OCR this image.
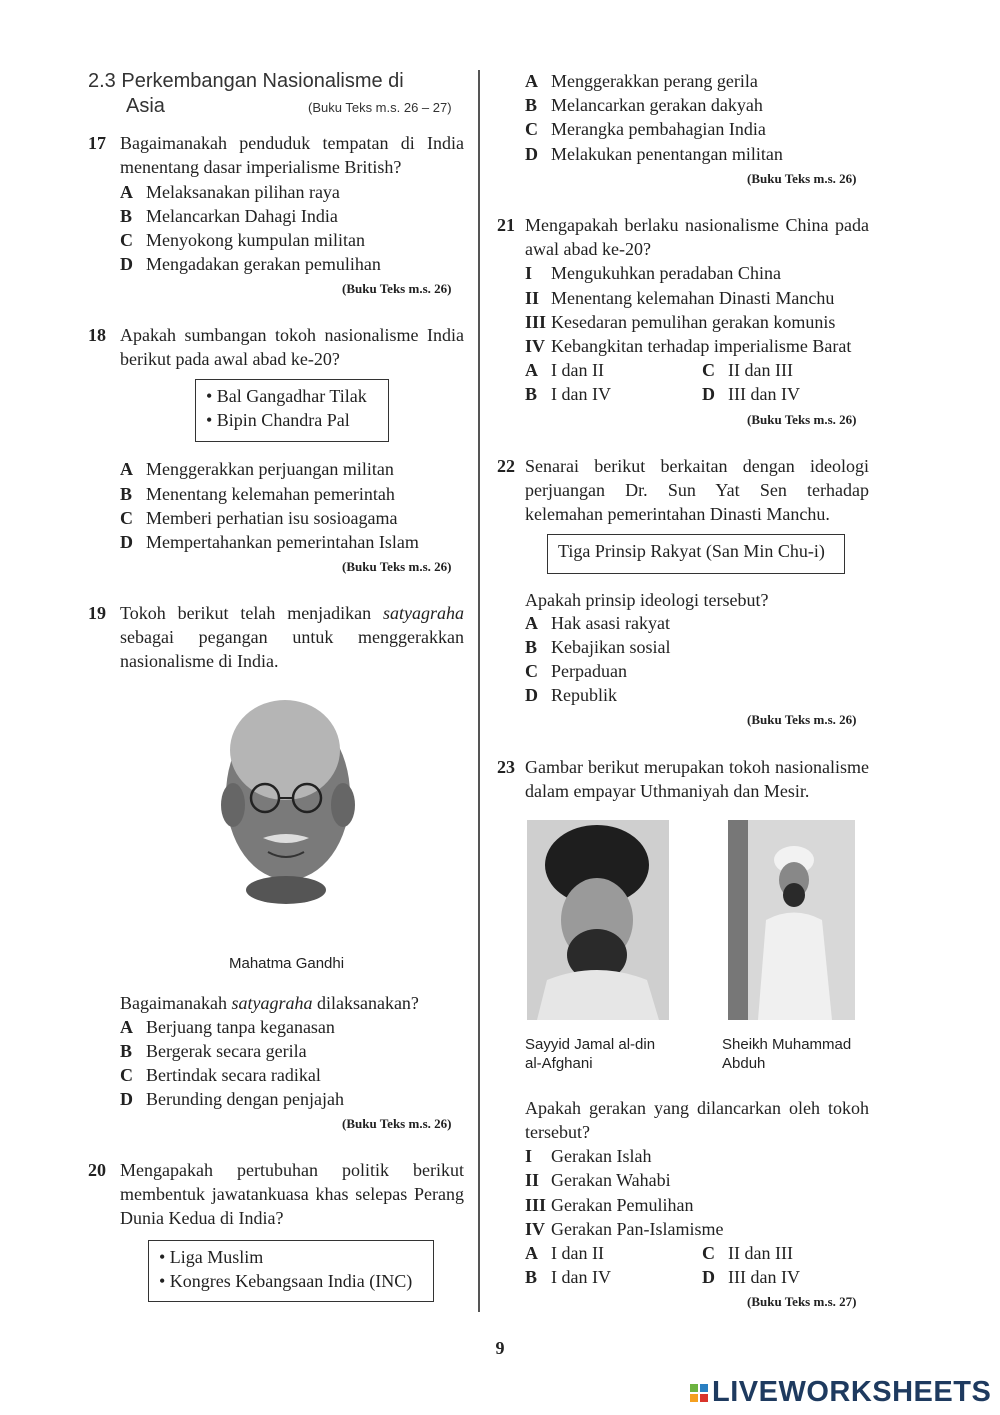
2.3 Perkembangan Nasionalisme di
Asia	(Buku Teks m.s. 26 – 27)
17 Bagaimanakah penduduk tempatan di India menentang dasar imperialisme British?
A Melaksanakan pilihan raya
B Melancarkan Dahagi India
C Menyokong kumpulan militan
D Mengadakan gerakan pemulihan
(Buku Teks m.s. 26)
18 Apakah sumbangan tokoh nasionalisme India berikut pada awal abad ke-20?
• Bal Gangadhar Tilak
• Bipin Chandra Pal
A Menggerakkan perjuangan militan
B Menentang kelemahan pemerintah
C Memberi perhatian isu sosioagama
D Mempertahankan pemerintahan Islam
(Buku Teks m.s. 26)
19 Tokoh berikut telah menjadikan satyagraha sebagai pegangan untuk menggerakkan nasionalisme di India.
Mahatma Gandhi
Bagaimanakah satyagraha dilaksanakan?
A Berjuang tanpa keganasan
B Bergerak secara gerila
C Bertindak secara radikal
D Berunding dengan penjajah
(Buku Teks m.s. 26)
20 Mengapakah pertubuhan politik berikut membentuk jawatankuasa khas selepas Perang Dunia Kedua di India?
• Liga Muslim
• Kongres Kebangsaan India (INC)
A Menggerakkan perang gerila
B Melancarkan gerakan dakyah
C Merangka pembahagian India
D Melakukan penentangan militan
(Buku Teks m.s. 26)
21 Mengapakah berlaku nasionalisme China pada awal abad ke-20?
I Mengukuhkan peradaban China
II Menentang kelemahan Dinasti Manchu
III Kesedaran pemulihan gerakan komunis
IV Kebangkitan terhadap imperialisme Barat
A I dan II
B I dan IV
C II dan III
D III dan IV
(Buku Teks m.s. 26)
22 Senarai berikut berkaitan dengan ideologi perjuangan Dr. Sun Yat Sen terhadap kelemahan pemerintahan Dinasti Manchu.
Tiga Prinsip Rakyat (San Min Chu-i)
Apakah prinsip ideologi tersebut?
A Hak asasi rakyat
B Kebajikan sosial
C Perpaduan
D Republik
(Buku Teks m.s. 26)
23 Gambar berikut merupakan tokoh nasionalisme dalam empayar Uthmaniyah dan Mesir.
Sayyid Jamal al-din
al-Afghani
Sheikh Muhammad
Abduh
Apakah gerakan yang dilancarkan oleh tokoh tersebut?
I Gerakan Islah
II Gerakan Wahabi
III Gerakan Pemulihan
IV Gerakan Pan-Islamisme
A I dan II
B I dan IV
C II dan III
D III dan IV
(Buku Teks m.s. 27)
9
LIVEWORKSHEETS
